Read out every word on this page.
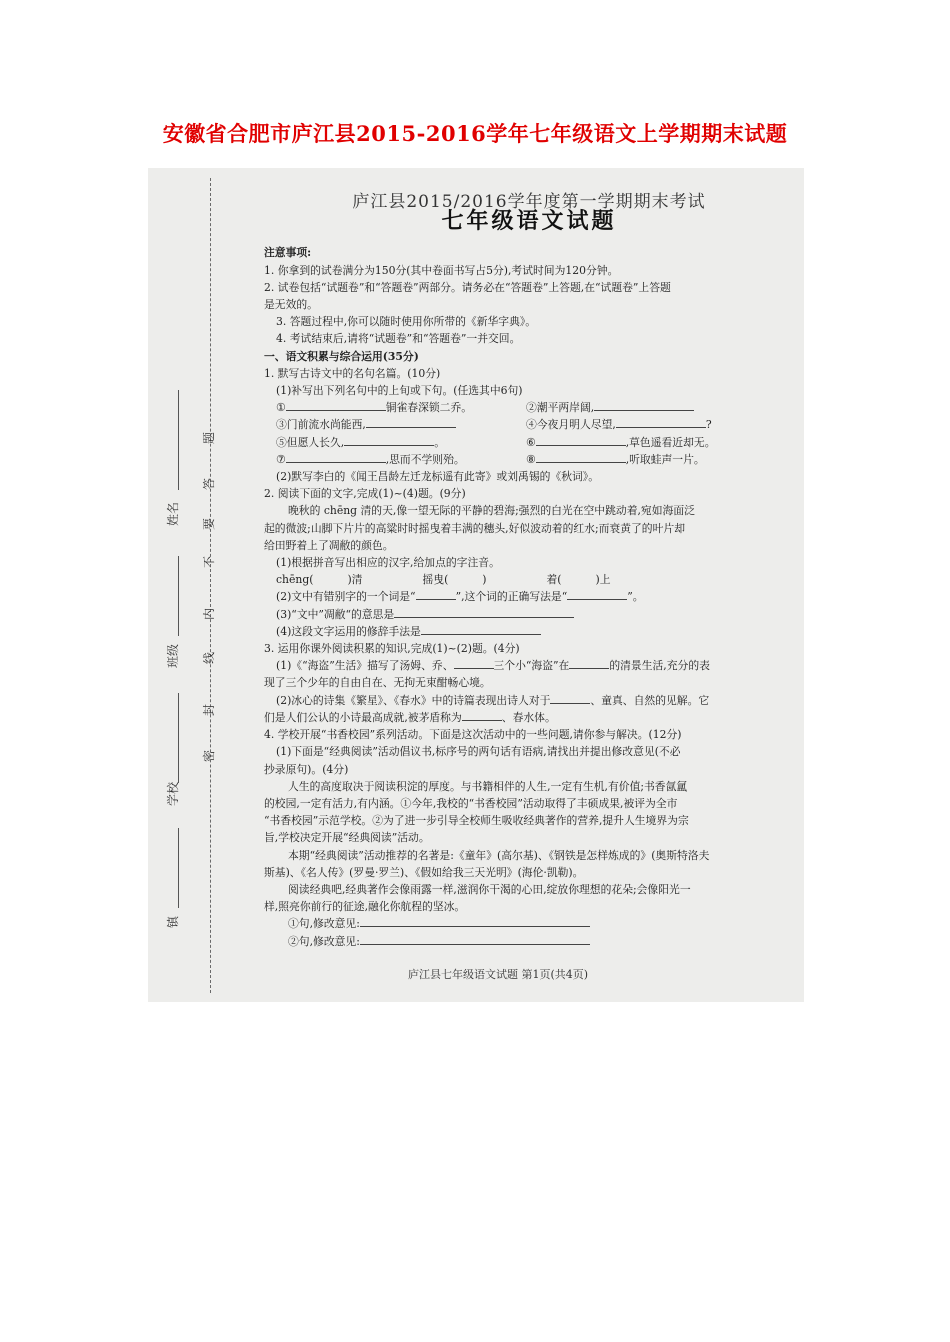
安徽省合肥市庐江县2015-2016学年七年级语文上学期期末试题
题
答
要
不
内
线
封
密
姓名
班级
学校
镇
庐江县2015/2016学年度第一学期期末考试
七年级语文试题
注意事项:
1. 你拿到的试卷满分为150分(其中卷面书写占5分),考试时间为120分钟。
2. 试卷包括“试题卷”和“答题卷”两部分。请务必在“答题卷”上答题,在“试题卷”上答题
是无效的。
3. 答题过程中,你可以随时使用你所带的《新华字典》。
4. 考试结束后,请将“试题卷”和“答题卷”一并交回。
一、语文积累与综合运用(35分)
1. 默写古诗文中的名句名篇。(10分)
(1)补写出下列名句中的上旬或下句。(任选其中6句)
①	铜雀春深锁二乔。	②潮平两岸阔,
③门前流水尚能西,	④今夜月明人尽望,	?
⑤但愿人长久,	。	⑥	,草色遥看近却无。
⑦	,思而不学则殆。	⑧	,听取蛙声一片。
(2)默写李白的《闻王昌龄左迁龙标遥有此寄》或刘禹锡的《秋词》。
2. 阅读下面的文字,完成(1)~(4)题。(9分)
晚秋的 chēng 清的天,像一望无际的平静的碧海;强烈的白光在空中跳动着,宛如海面泛
起的微波;山脚下片片的高粱时时摇曳着丰满的穗头,好似波动着的红水;而衰黄了的叶片却
给田野着上了凋敝的颜色。
(1)根据拼音写出相应的汉字,给加点的字注音。
chēng(	)清	摇曳(	)	着(	)上
(2)文中有错别字的一个词是“	”,这个词的正确写法是“	”。
(3)“文中”凋敝“的意思是
(4)这段文字运用的修辞手法是
3. 运用你课外阅读积累的知识,完成(1)~(2)题。(4分)
(1)《“海盗”生活》描写了汤姆、乔、	三个小“海盗”在	的清景生活,充分的表
现了三个少年的自由自在、无拘无束酣畅心境。
(2)冰心的诗集《繁星》、《春水》中的诗篇表现出诗人对于	、童真、自然的见解。它
们是人们公认的小诗最高成就,被茅盾称为	、春水体。
4. 学校开展“书香校园”系列活动。下面是这次活动中的一些问题,请你参与解决。(12分)
(1)下面是“经典阅读”活动倡议书,标序号的两句话有语病,请找出并提出修改意见(不必
抄录原句)。(4分)
人生的高度取决于阅读积淀的厚度。与书籍相伴的人生,一定有生机,有价值;书香氤氲
的校园,一定有活力,有内涵。①今年,我校的“书香校园”活动取得了丰硕成果,被评为全市
“书香校园”示范学校。②为了进一步引导全校师生吸收经典著作的营养,提升人生境界为宗
旨,学校决定开展“经典阅读”活动。
本期“经典阅读”活动推荐的名著是:《童年》(高尔基)、《钢铁是怎样炼成的》(奥斯特洛夫
斯基)、《名人传》(罗曼·罗兰)、《假如给我三天光明》(海伦·凯勒)。
阅读经典吧,经典著作会像雨露一样,滋润你干渴的心田,绽放你理想的花朵;会像阳光一
样,照亮你前行的征途,融化你航程的坚冰。
①句,修改意见:
②句,修改意见:
庐江县七年级语文试题 第1页(共4页)
